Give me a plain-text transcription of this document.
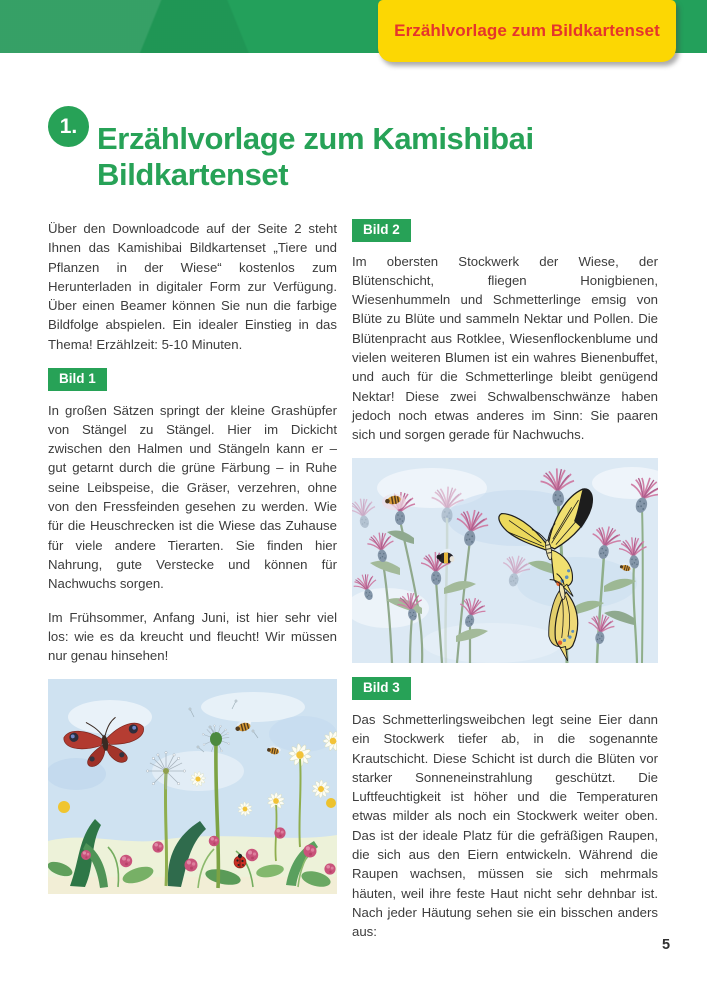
Erzählvorlage zum Bildkartenset
1. Erzählvorlage zum Kamishibai
Bildkartenset

Über den Downloadcode auf der Seite 2 steht Ihnen das Kamishibai Bildkartenset „Tiere und Pflanzen in der Wiese“ kostenlos zum Herunterladen in digitaler Form zur Verfügung. Über einen Beamer können Sie nun die farbige Bildfolge abspielen. Ein idealer Einstieg in das Thema! Erzählzeit: 5-10 Minuten.

Bild 1

In großen Sätzen springt der kleine Grashüpfer von Stängel zu Stängel. Hier im Dickicht zwischen den Halmen und Stängeln kann er – gut getarnt durch die grüne Färbung – in Ruhe seine Leibspeise, die Gräser, verzehren, ohne von den Fressfeinden gesehen zu werden. Wie für die Heuschrecken ist die Wiese das Zuhause für viele andere Tierarten. Sie finden hier Nahrung, gute Verstecke und können für Nachwuchs sorgen.

Im Frühsommer, Anfang Juni, ist hier sehr viel los: wie es da kreucht und fleucht! Wir müssen nur genau hinsehen!

Bild 2

Im obersten Stockwerk der Wiese, der Blütenschicht, fliegen Honigbienen, Wiesenhummeln und Schmetterlinge emsig von Blüte zu Blüte und sammeln Nektar und Pollen. Die Blütenpracht aus Rotklee, Wiesenflockenblume und vielen weiteren Blumen ist ein wahres Bienenbuffet, und auch für die Schmetterlinge bleibt genügend Nektar! Diese zwei Schwalbenschwänze haben jedoch noch etwas anderes im Sinn: Sie paaren sich und sorgen gerade für Nachwuchs.

Bild 3

Das Schmetterlingsweibchen legt seine Eier dann ein Stockwerk tiefer ab, in die sogenannte Krautschicht. Diese Schicht ist durch die Blüten vor starker Sonneneinstrahlung geschützt. Die Luftfeuchtigkeit ist höher und die Temperaturen etwas milder als noch ein Stockwerk weiter oben. Das ist der ideale Platz für die gefräßigen Raupen, die sich aus den Eiern entwickeln. Während die Raupen wachsen, müssen sie sich mehrmals häuten, weil ihre feste Haut nicht sehr dehnbar ist. Nach jeder Häutung sehen sie ein bisschen anders aus:

5
